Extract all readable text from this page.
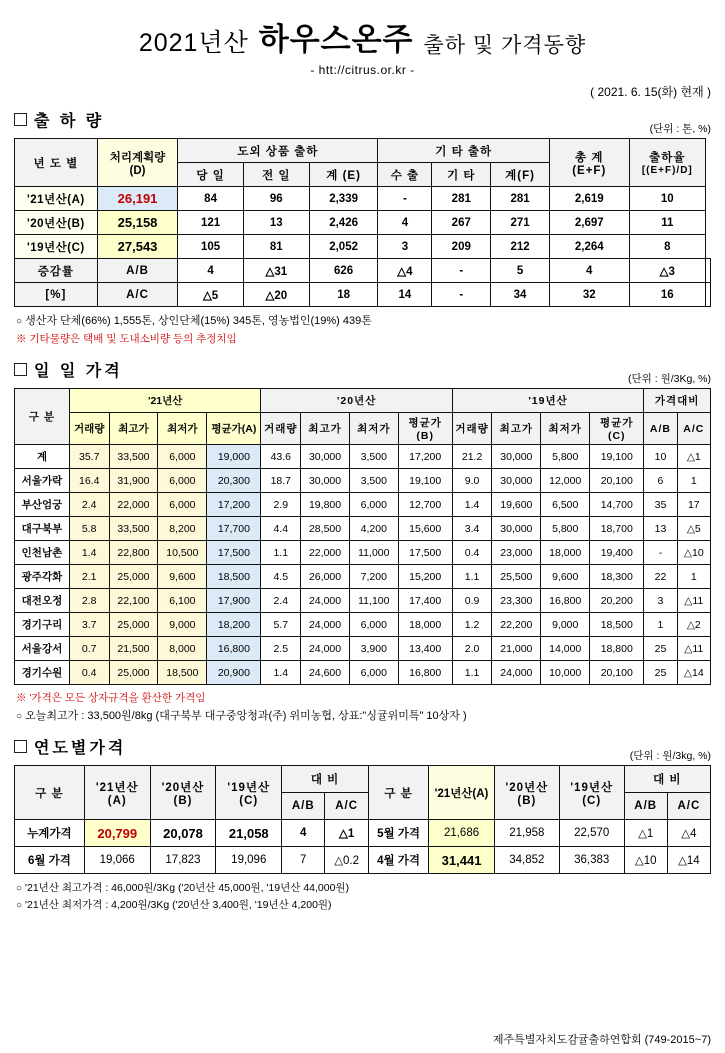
2021년산 하우스온주 출하 및 가격동향
- htt://citrus.or.kr -
( 2021. 6. 15(화) 현재 )
출 하 량	(단위 : 톤, %)
년 도 별	처리계획량
(D)
	도외 상품 출하	기 타 출하	총 계
(E+F)

출하율
[(E+F)/D]

		당 일	전 일	계 (E)	수 출	기 타	계(F)			
'21년산(A)	26,191	84	96	2,339	-	281	281	2,619	10	
'20년산(B)	25,158	121	13	2,426	4	267	271	2,697	11	
'19년산(C)	27,543	105	81	2,052	3	209	212	2,264	8	
증감률	A/B	4	△31	626	△4	-	5	4	△3	
[%]	A/C	△5	△20	18	14	-	34	32	16	
○ 생산자 단체(66%) 1,555톤, 상인단체(15%) 345톤, 영농법인(19%) 439톤
※ 기타물량은 택배 및 도내소비량 등의 추정치임
일 일 가격	(단위 : 원/3Kg, %)
구 분	'21년산				'20년산				'19년산				가격대비	
	거래량	최고가	최저가	평균가(A)	거래량	최고가	최저가	평균가(B)	거래량	최고가	최저가	평균가(C)	A/B	A/C
계	35.7	33,500	6,000	19,000	43.6	30,000	3,500	17,200	21.2	30,000	5,800	19,100	10	△1
서울가락	16.4	31,900	6,000	20,300	18.7	30,000	3,500	19,100	9.0	30,000	12,000	20,100	6	1
부산엄궁	2.4	22,000	6,000	17,200	2.9	19,800	6,000	12,700	1.4	19,600	6,500	14,700	35	17
대구북부	5.8	33,500	8,200	17,700	4.4	28,500	4,200	15,600	3.4	30,000	5,800	18,700	13	△5
인천남촌	1.4	22,800	10,500	17,500	1.1	22,000	11,000	17,500	0.4	23,000	18,000	19,400	-	△10
광주각화	2.1	25,000	9,600	18,500	4.5	26,000	7,200	15,200	1.1	25,500	9,600	18,300	22	1
대전오정	2.8	22,100	6,100	17,900	2.4	24,000	11,100	17,400	0.9	23,300	16,800	20,200	3	△11
경기구리	3.7	25,000	9,000	18,200	5.7	24,000	6,000	18,000	1.2	22,200	9,000	18,500	1	△2
서울강서	0.7	21,500	8,000	16,800	2.5	24,000	3,900	13,400	2.0	21,000	14,000	18,800	25	△11
경기수원	0.4	25,000	18,500	20,900	1.4	24,600	6,000	16,800	1.1	24,000	10,000	20,100	25	△14
※ '가격은 모든 상자규격을 환산한 가격임
○ 오늘최고가 : 33,500원/8kg (대구북부 대구중앙청과(주) 위미농협, 상표:"싱귤위미특" 10상자 )
연도별가격	(단위 : 원/3kg, %)
구 분	'21년산(A)	'20년산(B)	'19년산(C)	대 비		구 분	'21년산(A)	'20년산(B)	'19년산(C)	대 비	
				A/B	A/C					A/B	A/C
누계가격	20,799	20,078	21,058	4	△1	5월 가격	21,686	21,958	22,570	△1	△4
6월 가격	19,066	17,823	19,096	7	△0.2	4월 가격	31,441	34,852	36,383	△10	△14
○ '21년산 최고가격 : 46,000원/3Kg ('20년산 45,000원, '19년산 44,000원)
○ '21년산 최저가격 : 4,200원/3Kg ('20년산 3,400원, '19년산 4,200원)
제주특별자치도감귤출하연합회 (749-2015~7)
